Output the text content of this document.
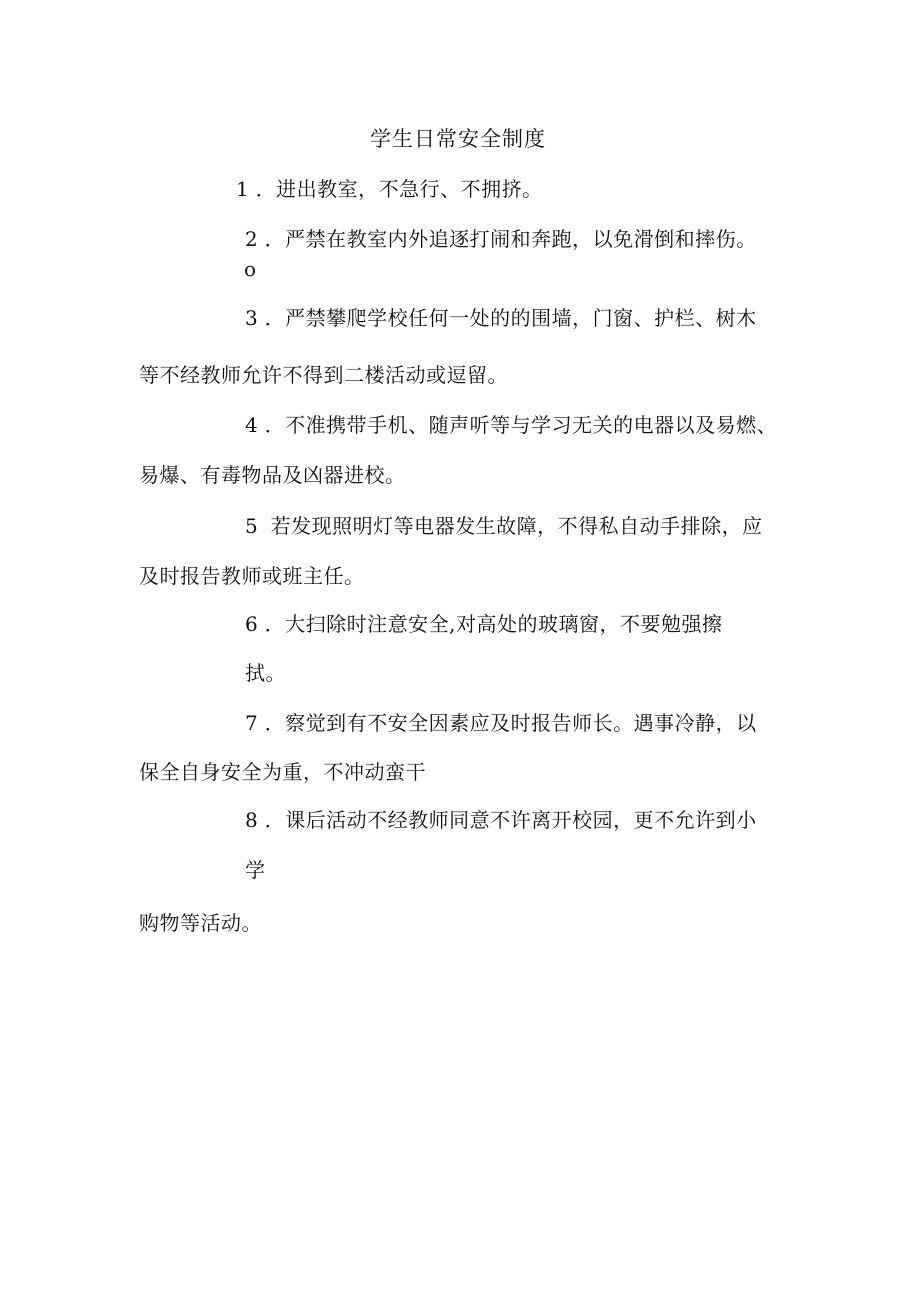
学生日常安全制度
1 ．进出教室，不急行、不拥挤。
2 ．严禁在教室内外追逐打闹和奔跑，以免滑倒和摔伤。
o
3 ．严禁攀爬学校任何一处的的围墙，门窗、护栏、树木
等不经教师允许不得到二楼活动或逗留。
4 ．不准携带手机、随声听等与学习无关的电器以及易燃、
易爆、有毒物品及凶器进校。
5 若发现照明灯等电器发生故障，不得私自动手排除，应
及时报告教师或班主任。
6 ．大扫除时注意安全,对高处的玻璃窗，不要勉强擦
拭。
7 ．察觉到有不安全因素应及时报告师长。遇事冷静，以
保全自身安全为重，不冲动蛮干
8 ．课后活动不经教师同意不许离开校园，更不允许到小
学
购物等活动。
